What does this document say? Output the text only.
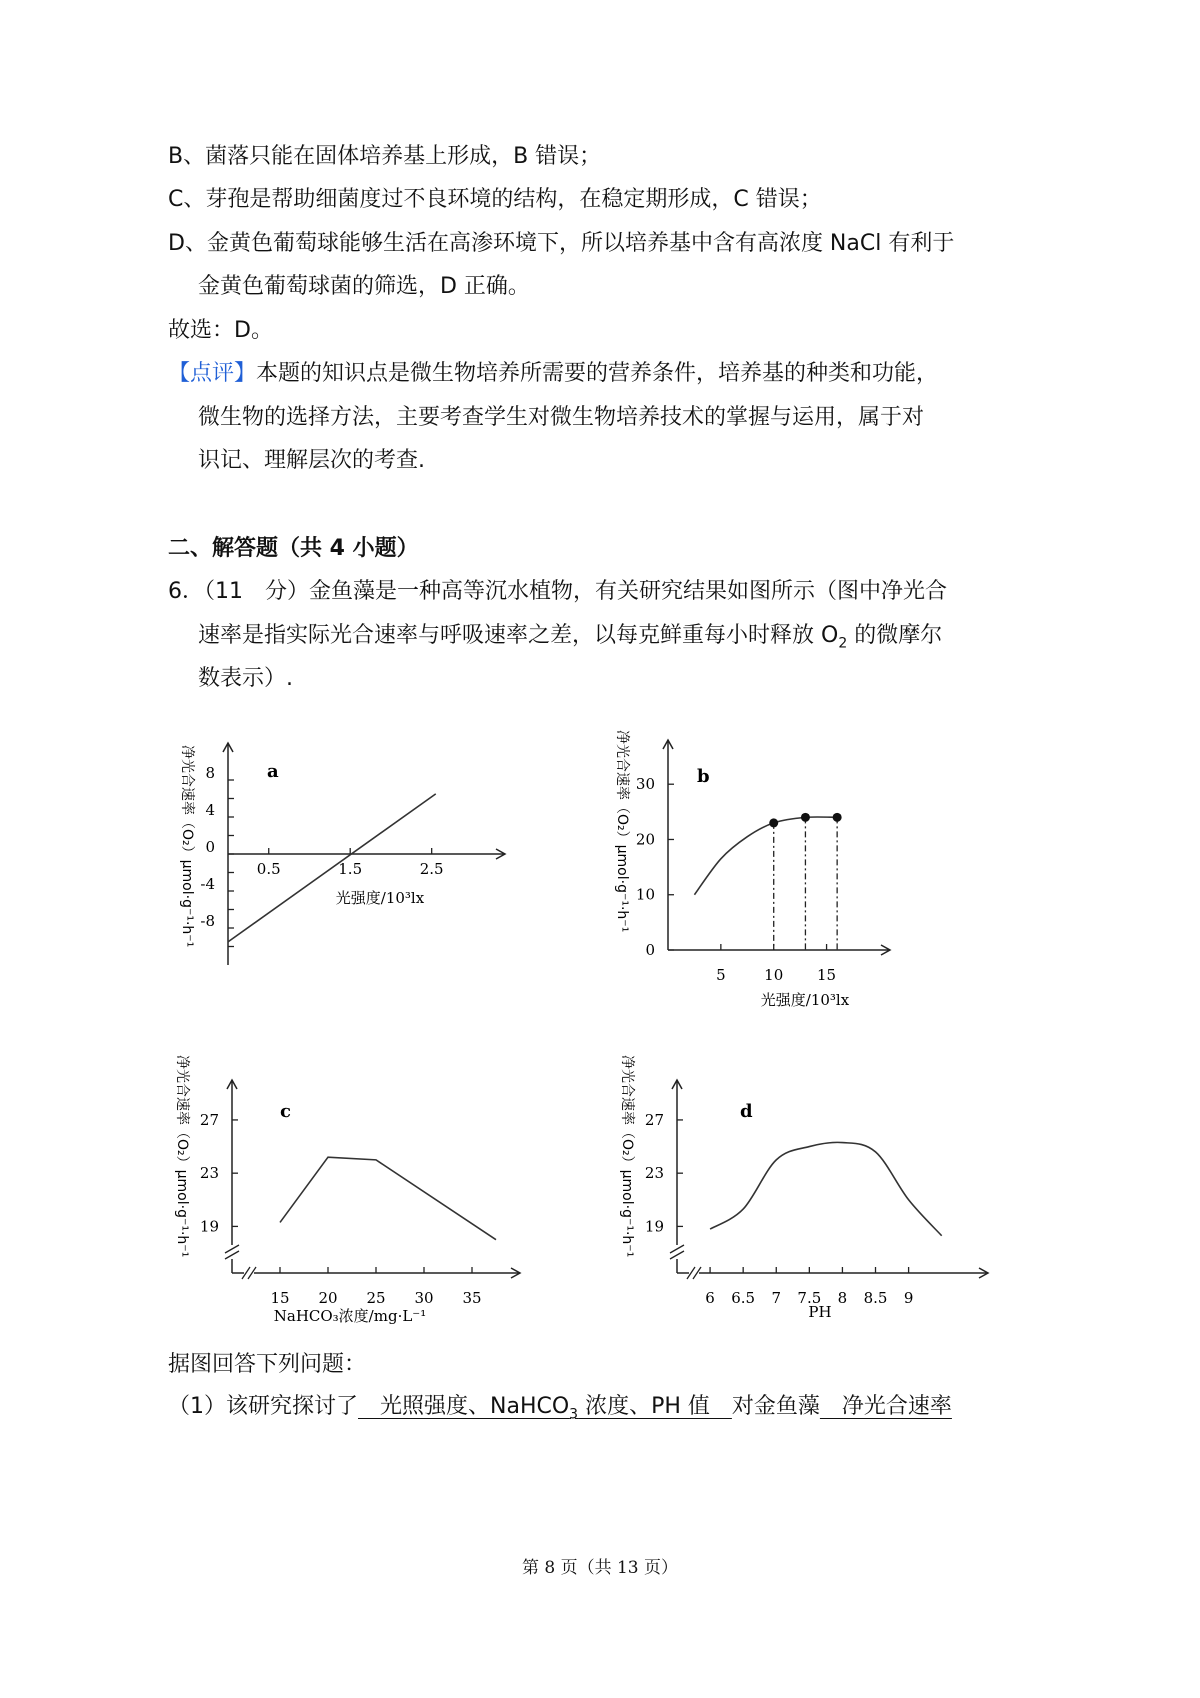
B、菌落只能在固体培养基上形成，B 错误；
C、芽孢是帮助细菌度过不良环境的结构，在稳定期形成，C 错误；
D、金黄色葡萄球能够生活在高渗环境下，所以培养基中含有高浓度 NaCl 有利于
金黄色葡萄球菌的筛选，D 正确。
故选：D。
【点评】本题的知识点是微生物培养所需要的营养条件，培养基的种类和功能，
微生物的选择方法，主要考查学生对微生物培养技术的掌握与运用，属于对
识记、理解层次的考查.
二、解答题（共 4 小题）
6．（11　分）金鱼藻是一种高等沉水植物，有关研究结果如图所示（图中净光合
速率是指实际光合速率与呼吸速率之差，以每克鲜重每小时释放 $O_2$ 的微摩尔
数表示）.
8
4
0
-4
-8
0.5	1.5	2.5
a
光强度/10³lx
净光合速率（O₂）μmol·g⁻¹·h⁻¹	30
20
10
0
5	10 15
b
光强度/10³lx
净光合速率（O₂）μmol·g⁻¹·h⁻¹
27
23
19
15 20 25 30 35
c
NaHCO₃浓度/mg·L⁻¹
净光合速率（O₂）μmol·g⁻¹·h⁻¹	27
23
19
6 6.5 7 7.5 8 8.5 9
d
PH
净光合速率（O₂）μmol·g⁻¹·h⁻¹
据图回答下列问题：
（1）该研究探讨了　光照强度、NaHCO$_3$ 浓度、PH 值　对金鱼藻　净光合速率
第 8 页（共 13 页）
